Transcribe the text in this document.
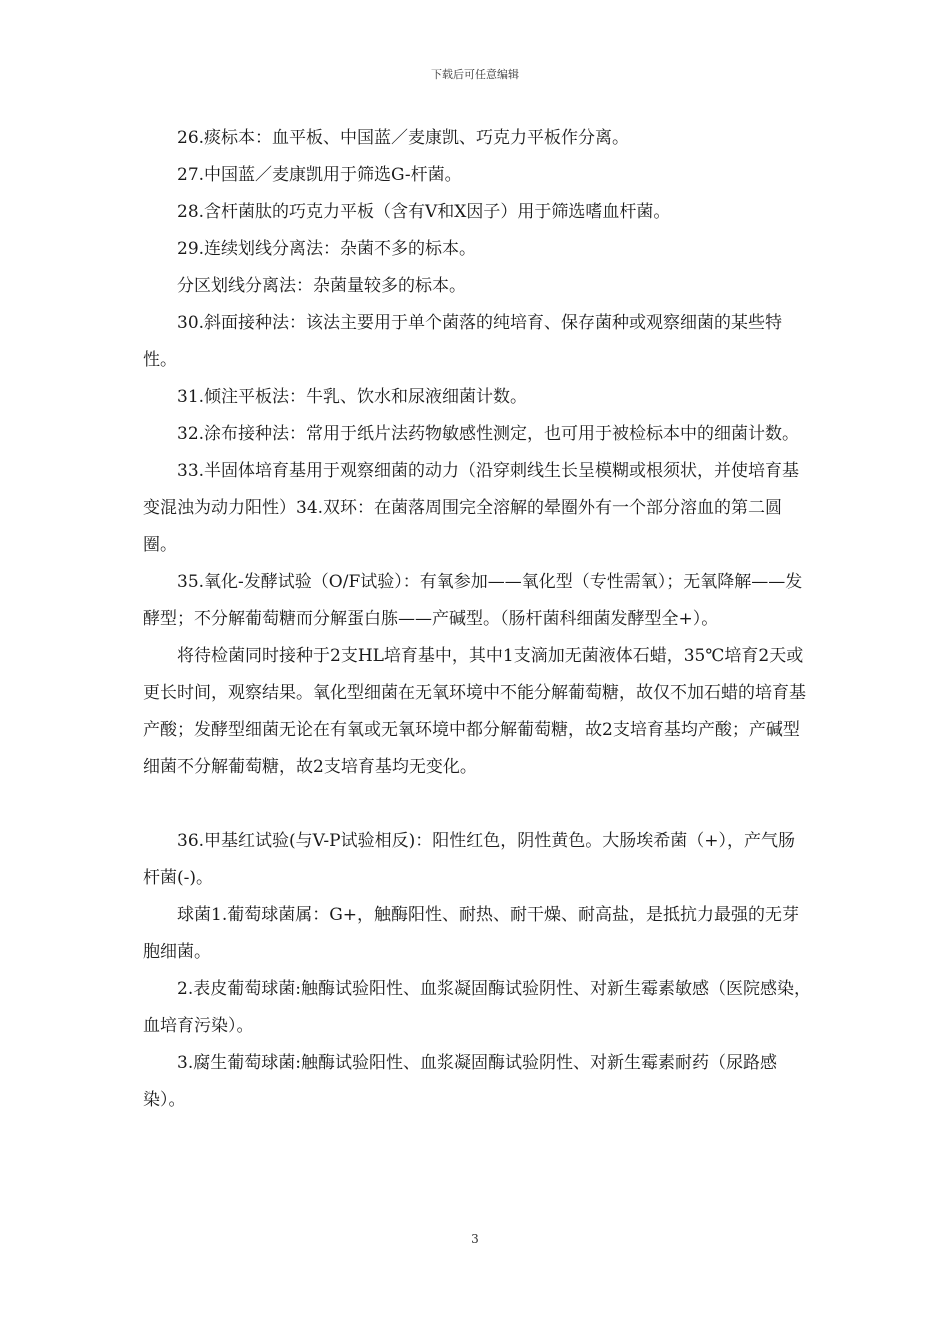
下载后可任意编辑

26.痰标本：血平板、中国蓝／麦康凯、巧克力平板作分离。

27.中国蓝／麦康凯用于筛选G-杆菌。

28.含杆菌肽的巧克力平板（含有V和X因子）用于筛选嗜血杆菌。

29.连续划线分离法：杂菌不多的标本。

分区划线分离法：杂菌量较多的标本。

30.斜面接种法：该法主要用于单个菌落的纯培育、保存菌种或观察细菌的某些特性。

31.倾注平板法：牛乳、饮水和尿液细菌计数。

32.涂布接种法：常用于纸片法药物敏感性测定，也可用于被检标本中的细菌计数。

33.半固体培育基用于观察细菌的动力（沿穿刺线生长呈模糊或根须状，并使培育基变混浊为动力阳性）34.双环：在菌落周围完全溶解的晕圈外有一个部分溶血的第二圆圈。

35.氧化-发酵试验（O/F试验）：有氧参加——氧化型（专性需氧）；无氧降解——发酵型；不分解葡萄糖而分解蛋白胨——产碱型。（肠杆菌科细菌发酵型全+）。

将待检菌同时接种于2支HL培育基中，其中1支滴加无菌液体石蜡，35℃培育2天或更长时间，观察结果。氧化型细菌在无氧环境中不能分解葡萄糖，故仅不加石蜡的培育基产酸；发酵型细菌无论在有氧或无氧环境中都分解葡萄糖，故2支培育基均产酸；产碱型细菌不分解葡萄糖，故2支培育基均无变化。

36.甲基红试验(与V-P试验相反)：阳性红色，阴性黄色。大肠埃希菌（+），产气肠杆菌(-)。

球菌1.葡萄球菌属：G+，触酶阳性、耐热、耐干燥、耐高盐，是抵抗力最强的无芽胞细菌。

2.表皮葡萄球菌:触酶试验阳性、血浆凝固酶试验阴性、对新生霉素敏感（医院感染，血培育污染）。

3.腐生葡萄球菌:触酶试验阳性、血浆凝固酶试验阴性、对新生霉素耐药（尿路感染）。

3
